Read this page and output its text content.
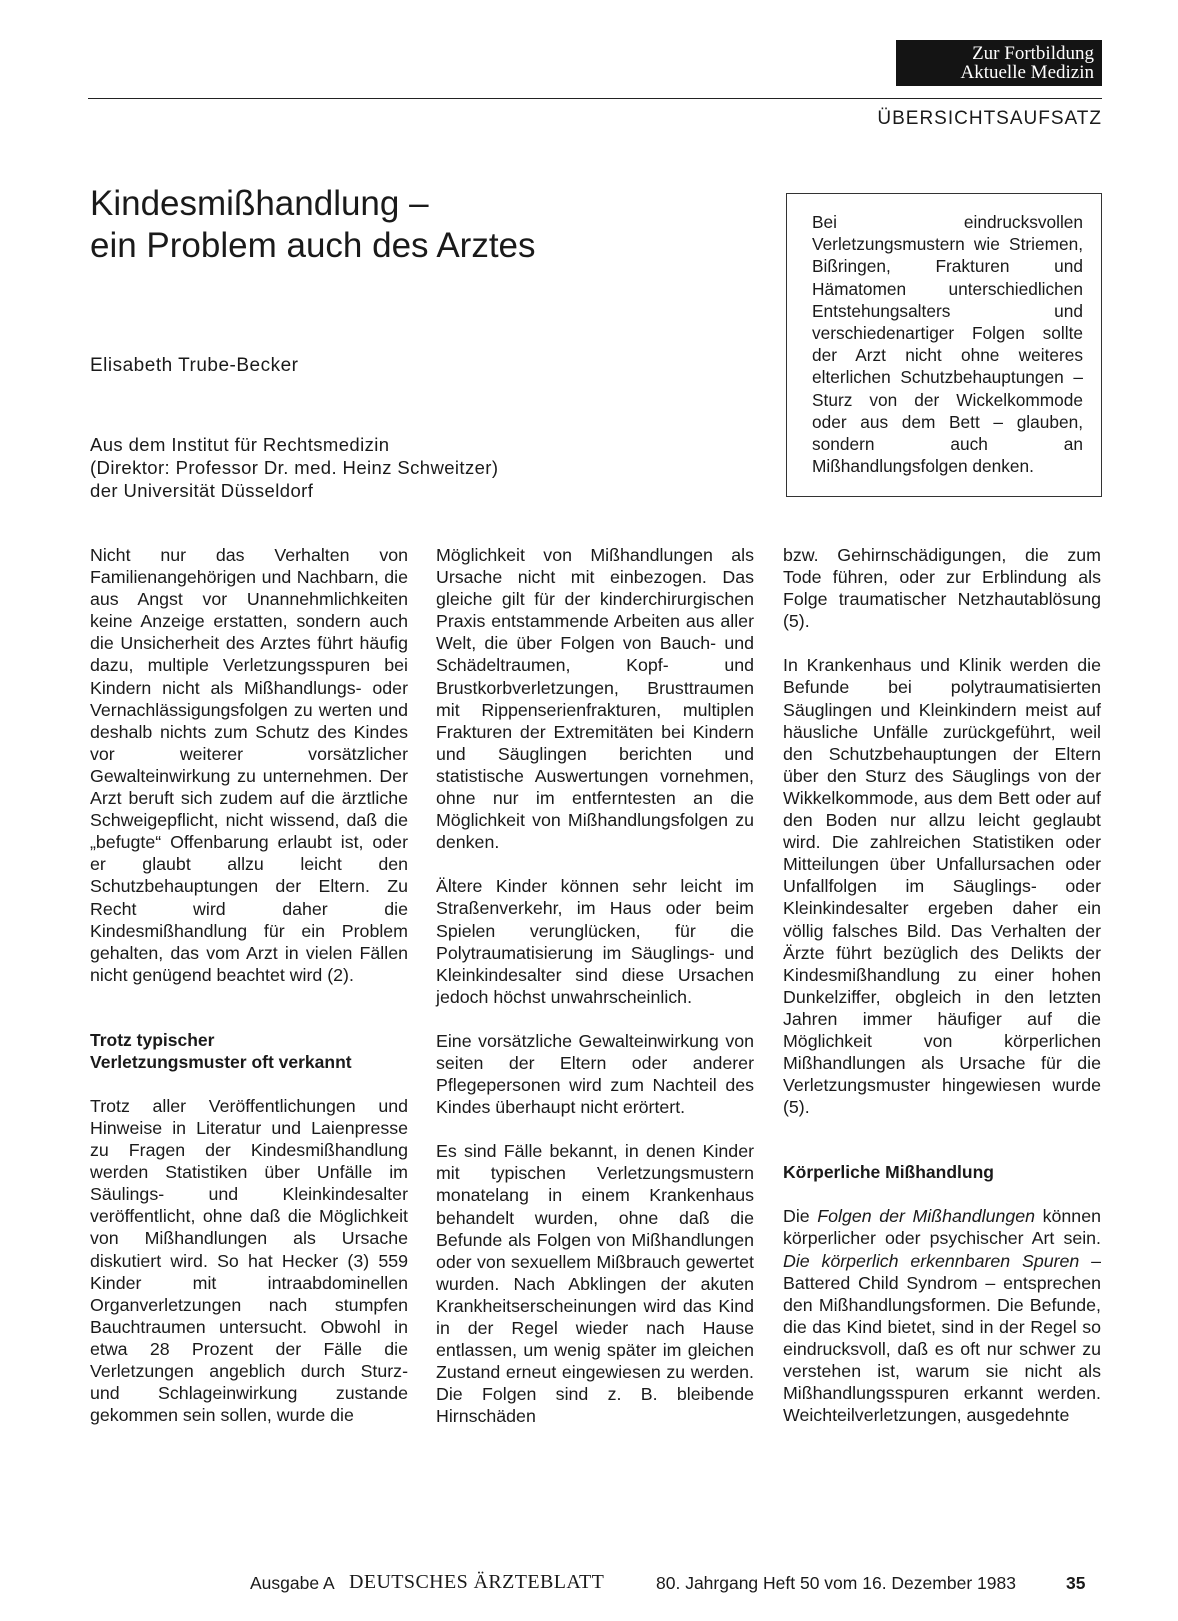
Zur Fortbildung
Aktuelle Medizin
ÜBERSICHTSAUFSATZ
Kindesmißhandlung –
ein Problem auch des Arztes
Elisabeth Trube-Becker
Aus dem Institut für Rechtsmedizin
(Direktor: Professor Dr. med. Heinz Schweitzer)
der Universität Düsseldorf

Bei eindrucksvollen Verletzungsmustern wie Striemen, Bißringen, Frakturen und Hämatomen unterschiedlichen Entstehungsalters und verschiedenartiger Folgen sollte der Arzt nicht ohne weiteres elterlichen Schutzbehauptungen – Sturz von der Wickelkommode oder aus dem Bett – glauben, sondern auch an Mißhandlungsfolgen denken.

Nicht nur das Verhalten von Familienangehörigen und Nachbarn, die aus Angst vor Unannehmlichkeiten keine Anzeige erstatten, sondern auch die Unsicherheit des Arztes führt häufig dazu, multiple Verletzungsspuren bei Kindern nicht als Mißhandlungs- oder Vernachlässigungsfolgen zu werten und deshalb nichts zum Schutz des Kindes vor weiterer vorsätzlicher Gewalteinwirkung zu unternehmen. Der Arzt beruft sich zudem auf die ärztliche Schweigepflicht, nicht wissend, daß die „befugte“ Offenbarung erlaubt ist, oder er glaubt allzu leicht den Schutzbehauptungen der Eltern. Zu Recht wird daher die Kindesmißhandlung für ein Problem gehalten, das vom Arzt in vielen Fällen nicht genügend beachtet wird (2).

Trotz typischer
Verletzungsmuster oft verkannt

Trotz aller Veröffentlichungen und Hinweise in Literatur und Laienpresse zu Fragen der Kindesmißhandlung werden Statistiken über Unfälle im Säulings- und Kleinkindesalter veröffentlicht, ohne daß die Möglichkeit von Mißhandlungen als Ursache diskutiert wird. So hat Hecker (3) 559 Kinder mit intraabdominellen Organverletzungen nach stumpfen Bauchtraumen untersucht. Obwohl in etwa 28 Prozent der Fälle die Verletzungen angeblich durch Sturz- und Schlageinwirkung zustande gekommen sein sollen, wurde die

Möglichkeit von Mißhandlungen als Ursache nicht mit einbezogen. Das gleiche gilt für der kinderchirurgischen Praxis entstammende Arbeiten aus aller Welt, die über Folgen von Bauch- und Schädeltraumen, Kopf- und Brustkorbverletzungen, Brusttraumen mit Rippenserienfrakturen, multiplen Frakturen der Extremitäten bei Kindern und Säuglingen berichten und statistische Auswertungen vornehmen, ohne nur im entferntesten an die Möglichkeit von Mißhandlungsfolgen zu denken.

Ältere Kinder können sehr leicht im Straßenverkehr, im Haus oder beim Spielen verunglücken, für die Polytraumatisierung im Säuglings- und Kleinkindesalter sind diese Ursachen jedoch höchst unwahrscheinlich.

Eine vorsätzliche Gewalteinwirkung von seiten der Eltern oder anderer Pflegepersonen wird zum Nachteil des Kindes überhaupt nicht erörtert.

Es sind Fälle bekannt, in denen Kinder mit typischen Verletzungsmustern monatelang in einem Krankenhaus behandelt wurden, ohne daß die Befunde als Folgen von Mißhandlungen oder von sexuellem Mißbrauch gewertet wurden. Nach Abklingen der akuten Krankheitserscheinungen wird das Kind in der Regel wieder nach Hause entlassen, um wenig später im gleichen Zustand erneut eingewiesen zu werden. Die Folgen sind z. B. bleibende Hirnschäden

bzw. Gehirnschädigungen, die zum Tode führen, oder zur Erblindung als Folge traumatischer Netzhautablösung (5).

In Krankenhaus und Klinik werden die Befunde bei polytraumatisierten Säuglingen und Kleinkindern meist auf häusliche Unfälle zurückgeführt, weil den Schutzbehauptungen der Eltern über den Sturz des Säuglings von der Wikkelkommode, aus dem Bett oder auf den Boden nur allzu leicht geglaubt wird. Die zahlreichen Statistiken oder Mitteilungen über Unfallursachen oder Unfallfolgen im Säuglings- oder Kleinkindesalter ergeben daher ein völlig falsches Bild. Das Verhalten der Ärzte führt bezüglich des Delikts der Kindesmißhandlung zu einer hohen Dunkelziffer, obgleich in den letzten Jahren immer häufiger auf die Möglichkeit von körperlichen Mißhandlungen als Ursache für die Verletzungsmuster hingewiesen wurde (5).

Körperliche Mißhandlung

Die Folgen der Mißhandlungen können körperlicher oder psychischer Art sein. Die körperlich erkennbaren Spuren – Battered Child Syndrom – entsprechen den Mißhandlungsformen. Die Befunde, die das Kind bietet, sind in der Regel so eindrucksvoll, daß es oft nur schwer zu verstehen ist, warum sie nicht als Mißhandlungsspuren erkannt werden. Weichteilverletzungen, ausgedehnte

Ausgabe A DEUTSCHES ÄRZTEBLATT	80. Jahrgang Heft 50 vom 16. Dezember 1983	35
